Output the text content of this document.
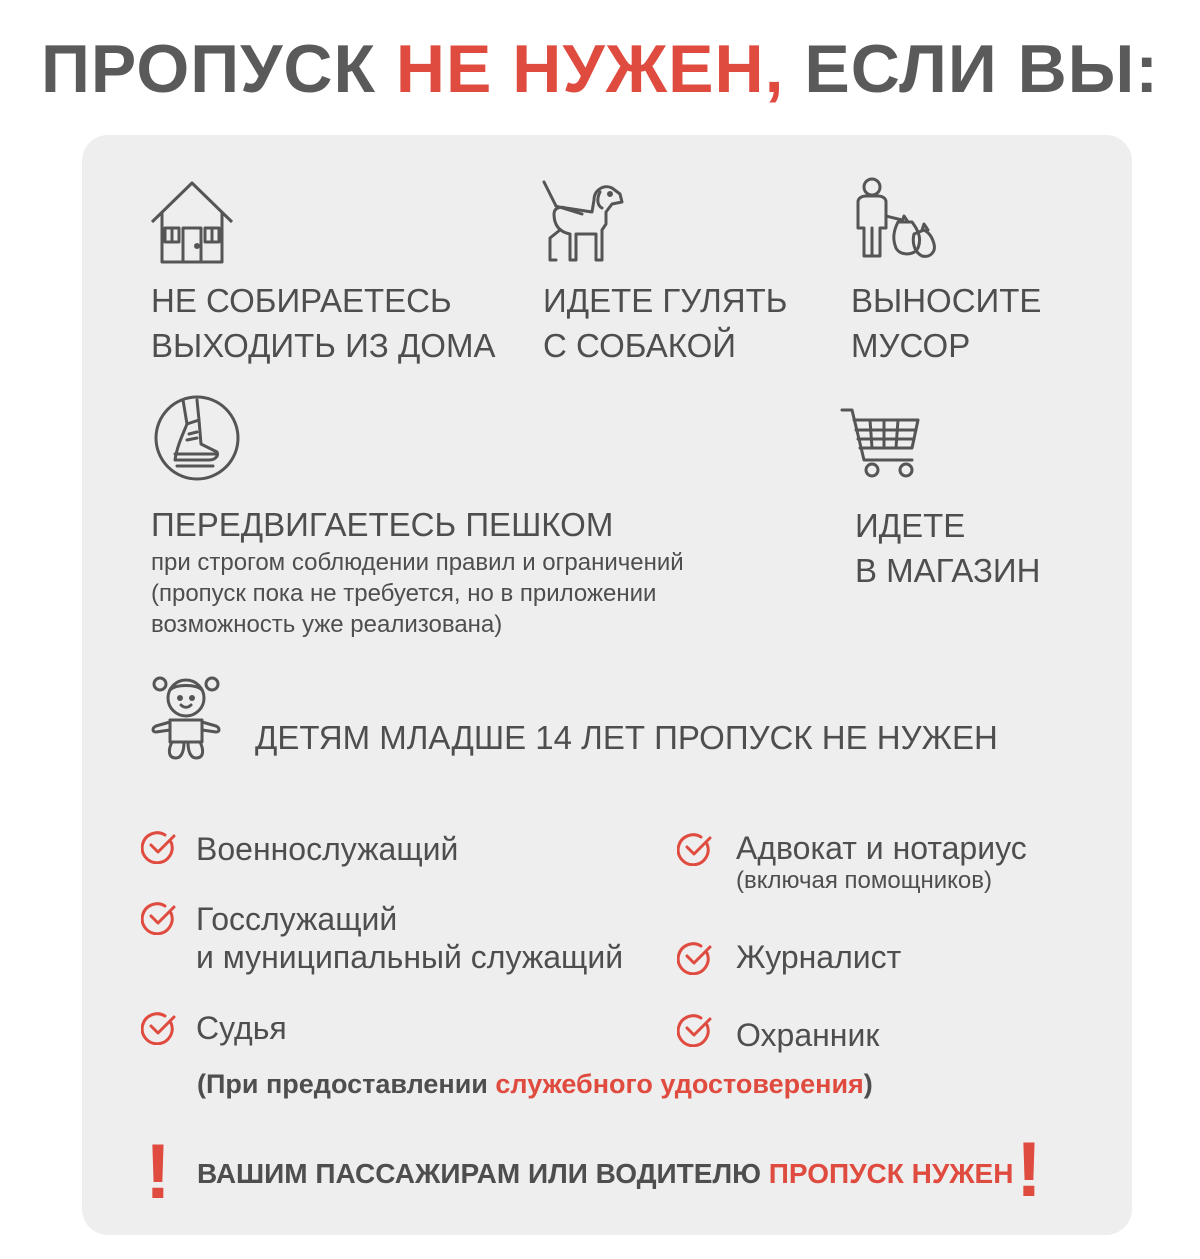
ПРОПУСК НЕ НУЖЕН, ЕСЛИ ВЫ:
НЕ СОБИРАЕТЕСЬ
ВЫХОДИТЬ ИЗ ДОМА
ИДЕТЕ ГУЛЯТЬ
С СОБАКОЙ
ВЫНОСИТЕ
МУСОР
ПЕРЕДВИГАЕТЕСЬ ПЕШКОМ
при строгом соблюдении правил и ограничений
(пропуск пока не требуется, но в приложении
возможность уже реализована)
ИДЕТЕ
В МАГАЗИН
ДЕТЯМ МЛАДШЕ 14 ЛЕТ ПРОПУСК НЕ НУЖЕН
Военнослужащий
Госслужащий
и муниципальный служащий
Судья
Адвокат и нотариус
(включая помощников)
Журналист
Охранник
(При предоставлении служебного удостоверения)
! ВАШИМ ПАССАЖИРАМ ИЛИ ВОДИТЕЛЮ ПРОПУСК НУЖЕН !
